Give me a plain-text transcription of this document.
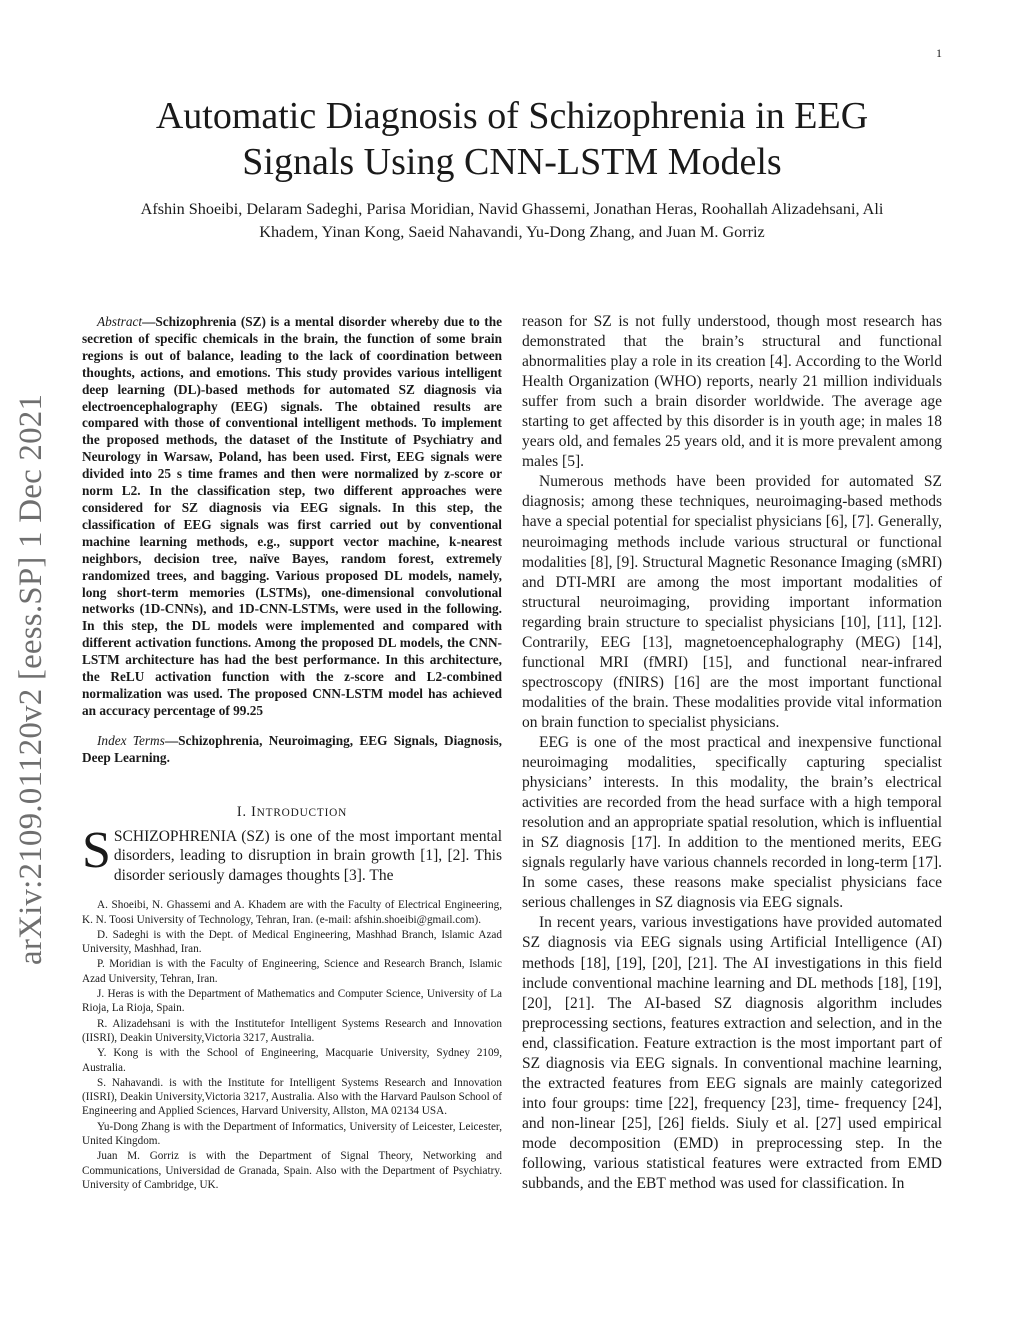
1
arXiv:2109.01120v2 [eess.SP] 1 Dec 2021
Automatic Diagnosis of Schizophrenia in EEG Signals Using CNN-LSTM Models
Afshin Shoeibi, Delaram Sadeghi, Parisa Moridian, Navid Ghassemi, Jonathan Heras, Roohallah Alizadehsani, Ali Khadem, Yinan Kong, Saeid Nahavandi, Yu-Dong Zhang, and Juan M. Gorriz

Abstract—Schizophrenia (SZ) is a mental disorder whereby due to the secretion of specific chemicals in the brain, the function of some brain regions is out of balance, leading to the lack of coordination between thoughts, actions, and emotions. This study provides various intelligent deep learning (DL)-based methods for automated SZ diagnosis via electroencephalography (EEG) signals. The obtained results are compared with those of conventional intelligent methods. To implement the proposed methods, the dataset of the Institute of Psychiatry and Neurology in Warsaw, Poland, has been used. First, EEG signals were divided into 25 s time frames and then were normalized by z-score or norm L2. In the classification step, two different approaches were considered for SZ diagnosis via EEG signals. In this step, the classification of EEG signals was first carried out by conventional machine learning methods, e.g., support vector machine, k-nearest neighbors, decision tree, naïve Bayes, random forest, extremely randomized trees, and bagging. Various proposed DL models, namely, long short-term memories (LSTMs), one-dimensional convolutional networks (1D-CNNs), and 1D-CNN-LSTMs, were used in the following. In this step, the DL models were implemented and compared with different activation functions. Among the proposed DL models, the CNN-LSTM architecture has had the best performance. In this architecture, the ReLU activation function with the z-score and L2-combined normalization was used. The proposed CNN-LSTM model has achieved an accuracy percentage of 99.25

Index Terms—Schizophrenia, Neuroimaging, EEG Signals, Diagnosis, Deep Learning.

I. INTRODUCTION

SSCHIZOPHRENIA (SZ) is one of the most important mental disorders, leading to disruption in brain growth [1], [2]. This disorder seriously damages thoughts [3]. The

A. Shoeibi, N. Ghassemi and A. Khadem are with the Faculty of Electrical Engineering, K. N. Toosi University of Technology, Tehran, Iran. (e-mail: afshin.shoeibi@gmail.com).

D. Sadeghi is with the Dept. of Medical Engineering, Mashhad Branch, Islamic Azad University, Mashhad, Iran.

P. Moridian is with the Faculty of Engineering, Science and Research Branch, Islamic Azad University, Tehran, Iran.

J. Heras is with the Department of Mathematics and Computer Science, University of La Rioja, La Rioja, Spain.

R. Alizadehsani is with the Institutefor Intelligent Systems Research and Innovation (IISRI), Deakin University,Victoria 3217, Australia.

Y. Kong is with the School of Engineering, Macquarie University, Sydney 2109, Australia.

S. Nahavandi. is with the Institute for Intelligent Systems Research and Innovation (IISRI), Deakin University,Victoria 3217, Australia. Also with the Harvard Paulson School of Engineering and Applied Sciences, Harvard University, Allston, MA 02134 USA.

Yu-Dong Zhang is with the Department of Informatics, University of Leicester, Leicester, United Kingdom.

Juan M. Gorriz is with the Department of Signal Theory, Networking and Communications, Universidad de Granada, Spain. Also with the Department of Psychiatry. University of Cambridge, UK.

reason for SZ is not fully understood, though most research has demonstrated that the brain’s structural and functional abnormalities play a role in its creation [4]. According to the World Health Organization (WHO) reports, nearly 21 million individuals suffer from such a brain disorder worldwide. The average age starting to get affected by this disorder is in youth age; in males 18 years old, and females 25 years old, and it is more prevalent among males [5].

Numerous methods have been provided for automated SZ diagnosis; among these techniques, neuroimaging-based methods have a special potential for specialist physicians [6], [7]. Generally, neuroimaging methods include various structural or functional modalities [8], [9]. Structural Magnetic Resonance Imaging (sMRI) and DTI-MRI are among the most important modalities of structural neuroimaging, providing important information regarding brain structure to specialist physicians [10], [11], [12]. Contrarily, EEG [13], magnetoencephalography (MEG) [14], functional MRI (fMRI) [15], and functional near-infrared spectroscopy (fNIRS) [16] are the most important functional modalities of the brain. These modalities provide vital information on brain function to specialist physicians.

EEG is one of the most practical and inexpensive functional neuroimaging modalities, specifically capturing specialist physicians’ interests. In this modality, the brain’s electrical activities are recorded from the head surface with a high temporal resolution and an appropriate spatial resolution, which is influential in SZ diagnosis [17]. In addition to the mentioned merits, EEG signals regularly have various channels recorded in long-term [17]. In some cases, these reasons make specialist physicians face serious challenges in SZ diagnosis via EEG signals.

In recent years, various investigations have provided automated SZ diagnosis via EEG signals using Artificial Intelligence (AI) methods [18], [19], [20], [21]. The AI investigations in this field include conventional machine learning and DL methods [18], [19], [20], [21]. The AI-based SZ diagnosis algorithm includes preprocessing sections, features extraction and selection, and in the end, classification. Feature extraction is the most important part of SZ diagnosis via EEG signals. In conventional machine learning, the extracted features from EEG signals are mainly categorized into four groups: time [22], frequency [23], time- frequency [24], and non-linear [25], [26] fields. Siuly et al. [27] used empirical mode decomposition (EMD) in preprocessing step. In the following, various statistical features were extracted from EMD subbands, and the EBT method was used for classification. In
